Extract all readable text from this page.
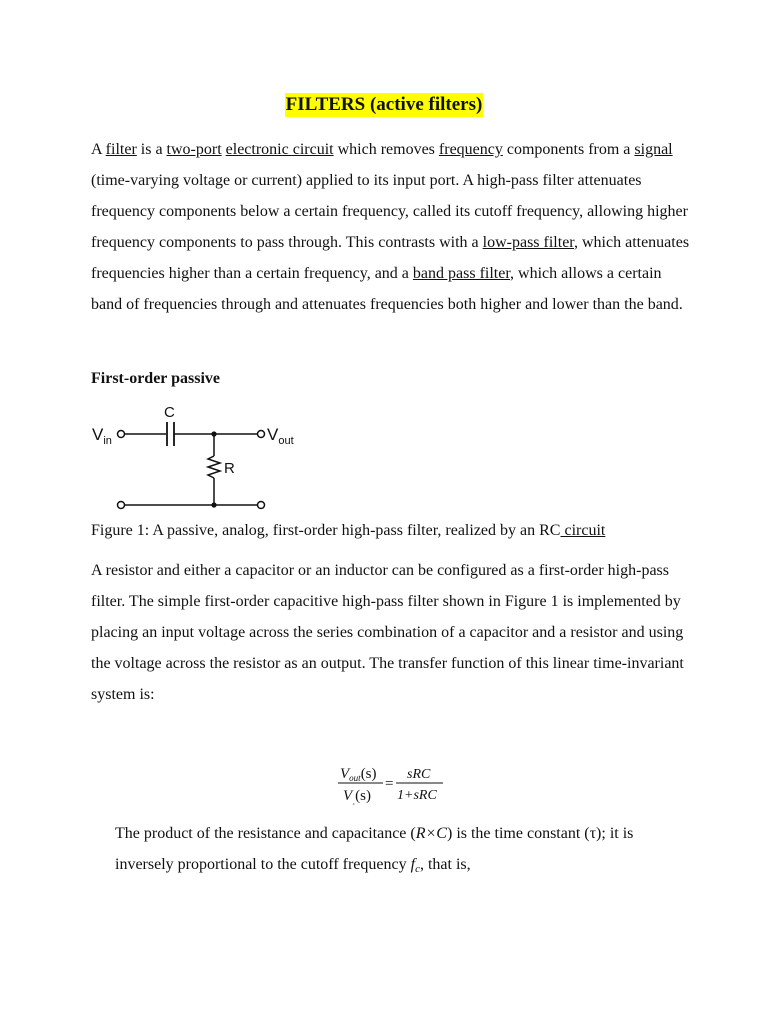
FILTERS (active filters)

A filter is a two-port electronic circuit which removes frequency components from a signal (time-varying voltage or current) applied to its input port. A high-pass filter attenuates frequency components below a certain frequency, called its cutoff frequency, allowing higher frequency components to pass through. This contrasts with a low-pass filter, which attenuates frequencies higher than a certain frequency, and a band pass filter, which allows a certain band of frequencies through and attenuates frequencies both higher and lower than the band.

First-order passive

$V_{in}$
C
$V_{out}$
R

Figure 1: A passive, analog, first-order high-pass filter, realized by an RC circuit

A resistor and either a capacitor or an inductor can be configured as a first-order high-pass filter. The simple first-order capacitive high-pass filter shown in Figure 1 is implemented by placing an input voltage across the series combination of a capacitor and a resistor and using the voltage across the resistor as an output. The transfer function of this linear time-invariant system is:

$V_{out}(s)$
$V_¸(s)$
=
sRC
1+sRC

The product of the resistance and capacitance (R×C) is the time constant (τ); it is inversely proportional to the cutoff frequency $f_c$, that is,
